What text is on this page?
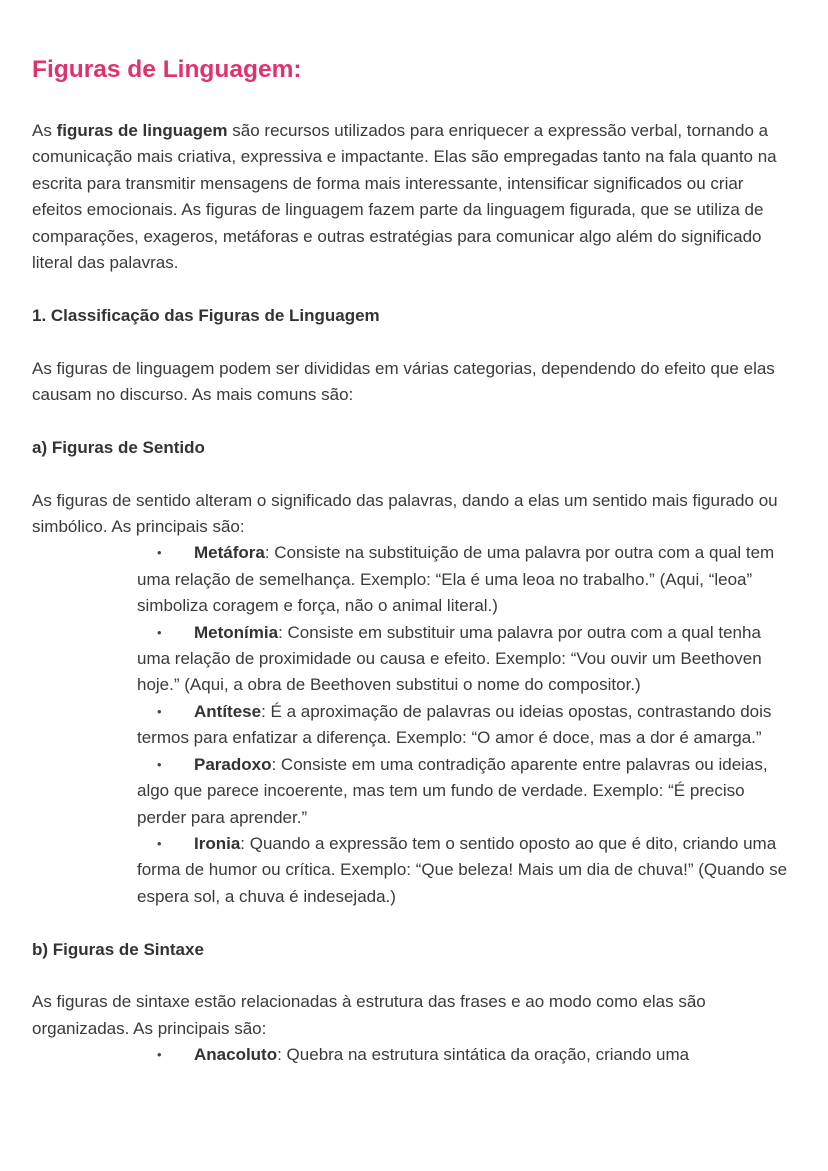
Figuras de Linguagem:

As figuras de linguagem são recursos utilizados para enriquecer a expressão verbal, tornando a comunicação mais criativa, expressiva e impactante. Elas são empregadas tanto na fala quanto na escrita para transmitir mensagens de forma mais interessante, intensificar significados ou criar efeitos emocionais. As figuras de linguagem fazem parte da linguagem figurada, que se utiliza de comparações, exageros, metáforas e outras estratégias para comunicar algo além do significado literal das palavras.

1. Classificação das Figuras de Linguagem

As figuras de linguagem podem ser divididas em várias categorias, dependendo do efeito que elas causam no discurso. As mais comuns são:

a) Figuras de Sentido

As figuras de sentido alteram o significado das palavras, dando a elas um sentido mais figurado ou simbólico. As principais são:

• Metáfora: Consiste na substituição de uma palavra por outra com a qual tem uma relação de semelhança. Exemplo: “Ela é uma leoa no trabalho.” (Aqui, “leoa” simboliza coragem e força, não o animal literal.)
• Metonímia: Consiste em substituir uma palavra por outra com a qual tenha uma relação de proximidade ou causa e efeito. Exemplo: “Vou ouvir um Beethoven hoje.” (Aqui, a obra de Beethoven substitui o nome do compositor.)
• Antítese: É a aproximação de palavras ou ideias opostas, contrastando dois termos para enfatizar a diferença. Exemplo: “O amor é doce, mas a dor é amarga.”
• Paradoxo: Consiste em uma contradição aparente entre palavras ou ideias, algo que parece incoerente, mas tem um fundo de verdade. Exemplo: “É preciso perder para aprender.”
• Ironia: Quando a expressão tem o sentido oposto ao que é dito, criando uma forma de humor ou crítica. Exemplo: “Que beleza! Mais um dia de chuva!” (Quando se espera sol, a chuva é indesejada.)
b) Figuras de Sintaxe

As figuras de sintaxe estão relacionadas à estrutura das frases e ao modo como elas são organizadas. As principais são:

• Anacoluto: Quebra na estrutura sintática da oração, criando uma
